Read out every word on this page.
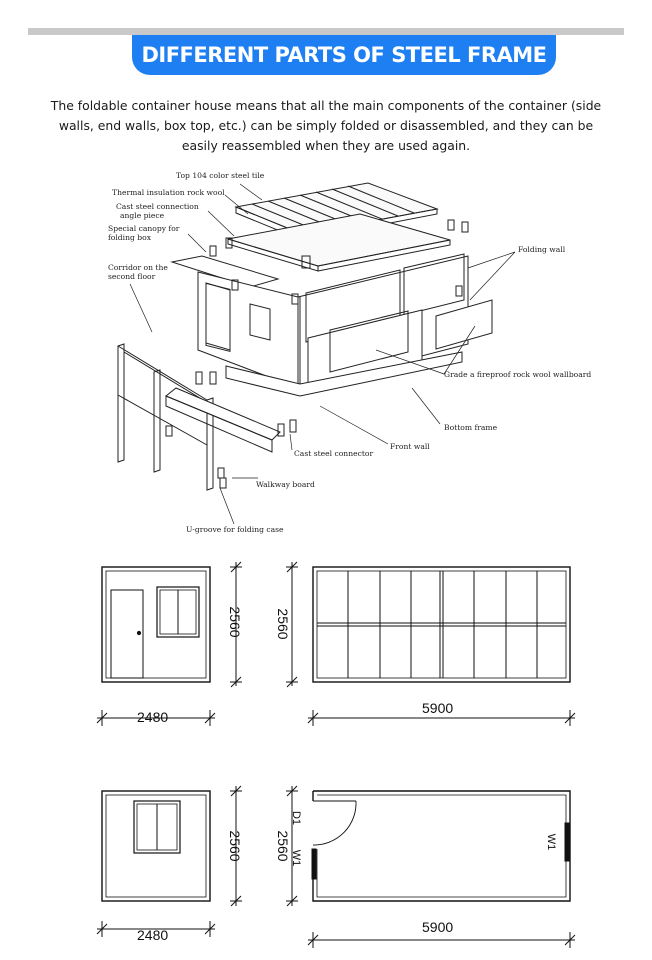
DIFFERENT PARTS OF STEEL FRAME
The foldable container house means that all the main components of the container (side walls, end walls, box top, etc.) can be simply folded or disassembled, and they can be easily reassembled when they are used again.
Top 104 color steel tile
Thermal insulation rock wool
Cast steel connection
angle piece
Special canopy for
folding box
Corridor on the
second floor
Folding wall
Grade a fireproof rock wool wallboard
Bottom frame
Front wall
Cast steel connector
Walkway board
U-groove for folding case
2480
2560 2560
5900
2480
2560 2560
5900
D1
W1
W1
